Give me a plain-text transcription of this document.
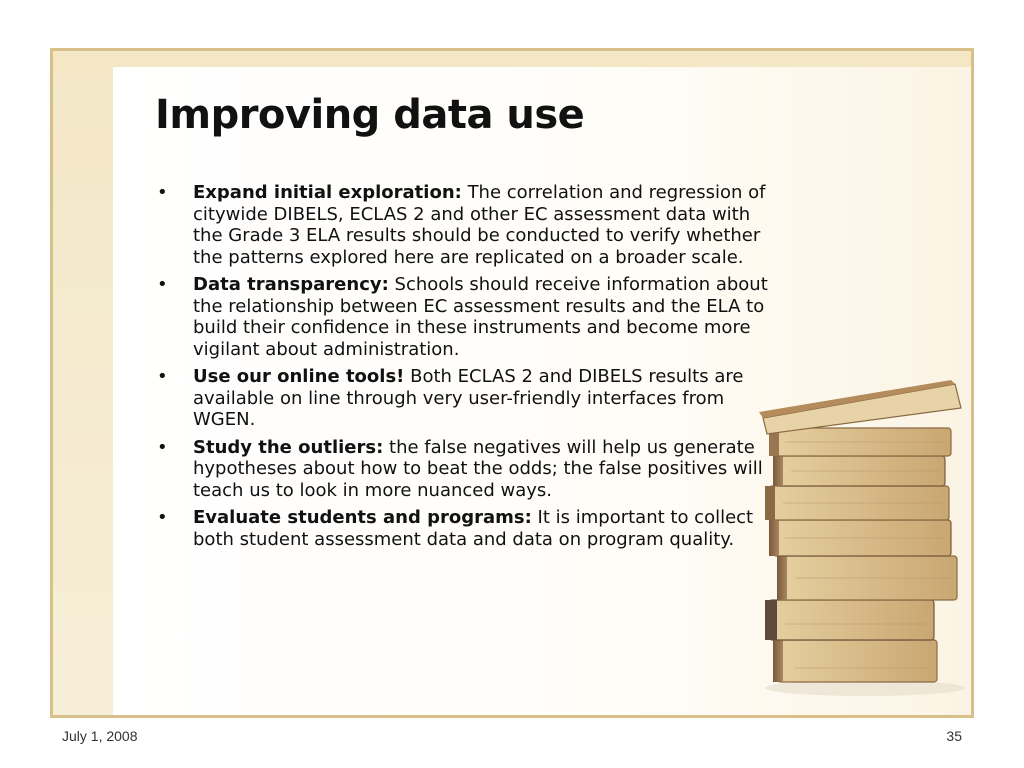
Improving data use
• Expand initial exploration: The correlation and regression of citywide DIBELS, ECLAS 2 and other EC assessment data with the Grade 3 ELA results should be conducted to verify whether the patterns explored here are replicated on a broader scale.
• Data transparency: Schools should receive information about the relationship between EC assessment results and the ELA to build their confidence in these instruments and become more vigilant about administration.
• Use our online tools! Both ECLAS 2 and DIBELS results are available on line through very user-friendly interfaces from WGEN.
• Study the outliers: the false negatives will help us generate hypotheses about how to beat the odds; the false positives will teach us to look in more nuanced ways.
• Evaluate students and programs: It is important to collect both student assessment data and data on program quality.
July 1, 2008	35
